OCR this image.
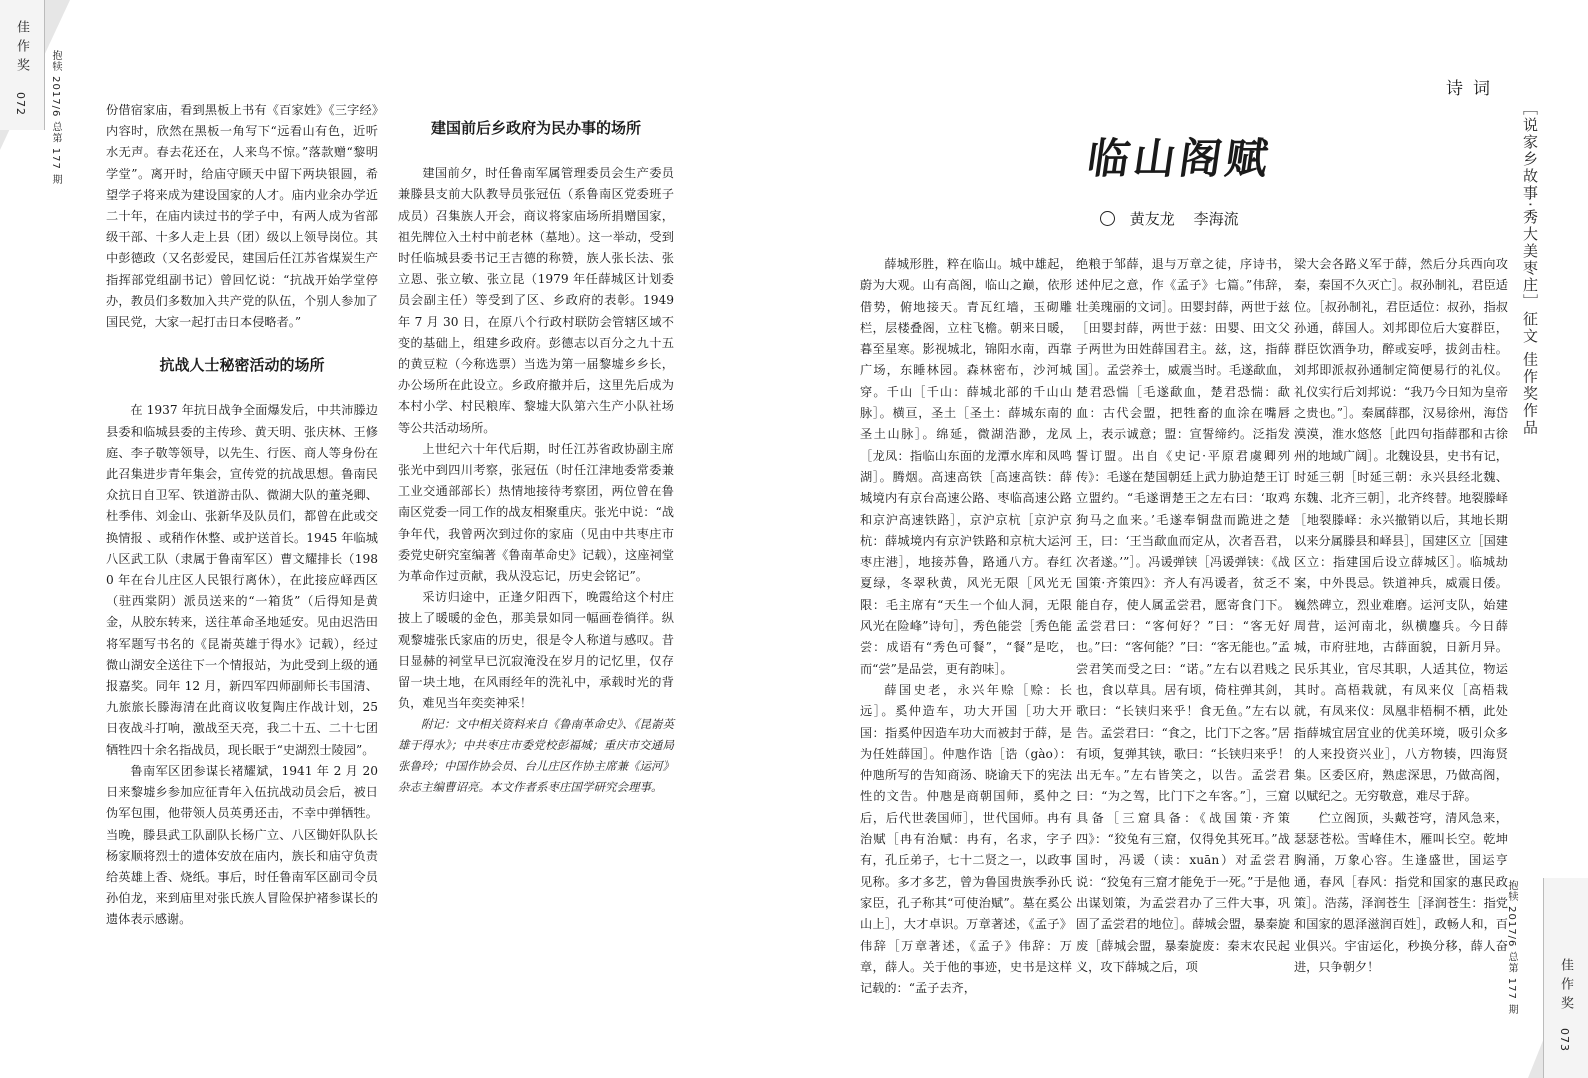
佳作奖
072 抱犊 2017/6 总第 177 期	份借宿家庙，看到黑板上书有《百家姓》《三字经》内容时，欣然在黑板一角写下“远看山有色，近听水无声。春去花还在，人来鸟不惊。”落款赠“黎明学堂”。离开时，给庙守顾天中留下两块银圆，希望学子将来成为建设国家的人才。庙内业余办学近二十年，在庙内读过书的学子中，有两人成为省部级干部、十多人走上县（团）级以上领导岗位。其中彭德政（又名彭爱民，建国后任江苏省煤炭生产指挥部党组副书记）曾回忆说：“抗战开始学堂停办，教员们多数加入共产党的队伍，个别人参加了国民党，大家一起打击日本侵略者。”

抗战人士秘密活动的场所

在 1937 年抗日战争全面爆发后，中共沛滕边县委和临城县委的主传珍、黄天明、张庆林、王修庭、李子敬等领导，以先生、行医、商人等身份在此召集进步青年集会，宣传党的抗战思想。鲁南民众抗日自卫军、铁道游击队、微湖大队的董尧卿、杜季伟、刘金山、张新华及队员们，都曾在此或交换情报 、或稍作休整、或护送首长。1945 年临城八区武工队（隶属于鲁南军区）曹文耀排长（1980 年在台儿庄区人民银行离休），在此接应峄西区（驻西棠阴）派员送来的“一箱货”（后得知是黄金，从胶东转来，送往革命圣地延安。见由迟浩田将军题写书名的《昆嵛英雄于得水》记载），经过微山湖安全送往下一个情报站，为此受到上级的通报嘉奖。同年 12 月，新四军四师副师长韦国清、九旅旅长滕海清在此商议收复陶庄作战计划，25 日夜战斗打响，激战至天亮，我二十五、二十七团牺牲四十余名指战员，现长眠于“史湖烈士陵园”。

鲁南军区团参谋长褚耀斌，1941 年 2 月 20 日来黎墟乡参加应征青年入伍抗战动员会后，被日伪军包围，他带领人员英勇还击，不幸中弹牺牲。当晚，滕县武工队副队长杨广立、八区锄奸队队长杨家顺将烈士的遗体安放在庙内，族长和庙守负责给英雄上香、烧纸。事后，时任鲁南军区副司令员孙伯龙，来到庙里对张氏族人冒险保护褚参谋长的遗体表示感谢。

建国前后乡政府为民办事的场所

建国前夕，时任鲁南军属管理委员会生产委员兼滕县支前大队教导员张冠伍（系鲁南区党委班子成员）召集族人开会，商议将家庙场所捐赠国家，祖先牌位入土村中前老林（墓地）。这一举动，受到时任临城县委书记王吉德的称赞，族人张长法、张立恩、张立敏、张立昆（1979 年任薛城区计划委员会副主任）等受到了区、乡政府的表彰。1949 年 7 月 30 日，在原八个行政村联防会管辖区域不变的基础上，组建乡政府。彭德志以百分之九十五的黄豆粒（今称选票）当选为第一届黎墟乡乡长，办公场所在此设立。乡政府撤并后，这里先后成为本村小学、村民粮库、黎墟大队第六生产小队社场等公共活动场所。

上世纪六十年代后期，时任江苏省政协副主席张光中到四川考察，张冠伍（时任江津地委常委兼工业交通部部长）热情地接待考察团，两位曾在鲁南区党委一同工作的战友相聚重庆。张光中说：“战争年代，我曾两次到过你的家庙（见由中共枣庄市委党史研究室编著《鲁南革命史》记载），这座祠堂为革命作过贡献，我从没忘记，历史会铭记”。

采访归途中，正逢夕阳西下，晚霞给这个村庄披上了暖暖的金色，那美景如同一幅画卷徜徉。纵观黎墟张氏家庙的历史，很是令人称道与感叹。昔日显赫的祠堂早已沉寂淹没在岁月的记忆里，仅存留一块土地，在风雨经年的洗礼中，承载时光的背负，难见当年奕奕神采！

附记：文中相关资料来自《鲁南革命史》、《昆嵛英雄于得水》；中共枣庄市委党校彭福城；重庆市交通局张鲁玲；中国作协会员、台儿庄区作协主席兼《运河》杂志主编曹诏亮。本文作者系枣庄国学研究会理事。

诗词
临山阁赋
黄友龙 李海流

薛城形胜，粹在临山。城中雄起，蔚为大观。山有高阁，临山之巅，依形借势，俯地接天。青瓦红墙，玉砌雕栏，层楼叠阁，立柱飞檐。朝来日暖，暮至星寒。影视城北，锦阳水南，西靠广场，东睡林园。森林密布，沙河城穿。千山［千山：薛城北部的千山山脉］。横亘，圣土［圣土：薛城东南的圣土山脉］。绵延，微湖浩渺，龙凤［龙凤：指临山东面的龙潭水库和凤鸣湖］。腾烟。高速高铁［高速高铁：薛城境内有京台高速公路、枣临高速公路和京沪高速铁路］，京沪京杭［京沪京杭：薛城境内有京沪铁路和京杭大运河枣庄港］，地接苏鲁，路通八方。春红夏绿，冬翠秋黄，风光无限［风光无限：毛主席有“天生一个仙人洞，无限风光在险峰”诗句］，秀色能尝［秀色能尝：成语有“秀色可餐”，“餐”是吃，而“尝”是品尝，更有韵味］。

薛国史老，永兴年赊［赊：长远］。奚仲造车，功大开国［功大开国：指奚仲因造车功大而被封于薛，是为任姓薛国］。仲虺作诰［诰（gào）：仲虺所写的告知商汤、晓谕天下的宪法性的文告。仲虺是商朝国师，奚仲之后，后代世袭国师］，世代国师。冉有治赋［冉有治赋：冉有，名求，字子有，孔丘弟子，七十二贤之一，以政事见称。多才多艺，曾为鲁国贵族季孙氏家臣，孔子称其“可使治赋”。墓在奚公山上］，大才卓识。万章著述，《孟子》伟辞［万章著述，《孟子》伟辞：万章，薛人。关于他的事迹，史书是这样记载的：“孟子去齐，

绝粮于邹薛，退与万章之徒，序诗书，述仲尼之意，作《孟子》七篇。”伟辞，壮美瑰丽的文词］。田婴封薛，两世于兹［田婴封薛，两世于兹：田婴、田文父子两世为田姓薛国君主。兹，这，指薛国］。孟尝养士，威震当时。毛遂歃血，楚君恐惴［毛遂歃血，楚君恐惴：歃血：古代会盟，把牲畜的血涂在嘴唇上，表示诚意；盟：宣誓缔约。泛指发誓订盟。出自《史记·平原君虞卿列传》：毛遂在楚国朝廷上武力胁迫楚王订立盟约。“毛遂谓楚王之左右曰：‘取鸡狗马之血来。’毛遂奉铜盘而跪进之楚王，曰：‘王当歃血而定从，次者吾君，次者遂。’”］。冯谖弹铗［冯谖弹铗：《战国策·齐策四》：齐人有冯谖者，贫乏不能自存，使人属孟尝君，愿寄食门下。孟尝君曰：“客何好？”曰：“客无好也。”曰：“客何能？”曰：“客无能也。”孟尝君笑而受之曰：“诺。”左右以君贱之也，食以草具。居有顷，倚柱弹其剑，歌曰：“长铗归来乎！食无鱼。”左右以告。孟尝君曰：“食之，比门下之客。”居有顷，复弹其铗，歌曰：“长铗归来乎！出无车。”左右皆笑之，以告。孟尝君曰：“为之驾，比门下之车客。”］，三窟具备［三窟具备：《战国策·齐策四》：“狡兔有三窟，仅得免其死耳。”战国时，冯谖（读：xuān）对孟尝君说：“狡兔有三窟才能免于一死。”于是他出谋划策，为孟尝君办了三件大事，巩固了孟尝君的地位］。薛城会盟，暴秦旋废［薛城会盟，暴秦旋废：秦末农民起义，攻下薛城之后，项

梁大会各路义军于薛，然后分兵西向攻秦，秦国不久灭亡］。叔孙制礼，君臣适位。［叔孙制礼，君臣适位：叔孙，指叔孙通，薛国人。刘邦即位后大宴群臣，群臣饮酒争功，醉或妄呼，拔剑击柱。刘邦即派叔孙通制定简便易行的礼仪。礼仪实行后刘邦说：“我乃今日知为皇帝之贵也。”］。秦属薛郡，汉易徐州，海岱漠漠，淮水悠悠［此四句指薛郡和古徐州的地域广阔］。北魏设县，史书有记，时延三朝［时延三朝：永兴县经北魏、东魏、北齐三朝］，北齐终替。地裂滕峄［地裂滕峄：永兴撤销以后，其地长期以来分属滕县和峄县］，国建区立［国建区立：指建国后设立薛城区］。临城劫案，中外畏忌。铁道神兵，威震日倭。巍然碑立，烈业难磨。运河支队，始建周营，运河南北，纵横鏖兵。今日薛城，市府驻地，古薛面貌，日新月异。民乐其业，官尽其职，人适其位，物运其时。高梧栽就，有凤来仪［高梧栽就，有凤来仪：凤凰非梧桐不栖，此处指薛城宜居宜业的优美环境，吸引众多的人来投资兴业］，八方物辏，四海贤集。区委区府，熟虑深思，乃做高阁，以赋纪之。无穷敬意，难尽于辞。

伫立阁顶，头戴苍穹，清风急来，瑟瑟苍松。雪峰佳木，雁叫长空。乾坤胸涌，万象心容。生逢盛世，国运亨通，春风［春风：指党和国家的惠民政策］。浩荡，泽润苍生［泽润苍生：指党和国家的恩泽滋润百姓］，政畅人和，百业俱兴。宇宙运化，秒换分移，薛人奋进，只争朝夕！

［说家乡故事·秀大美枣庄］征文 佳作奖作品
抱犊 2017/6 总第 177 期	佳作奖
073
